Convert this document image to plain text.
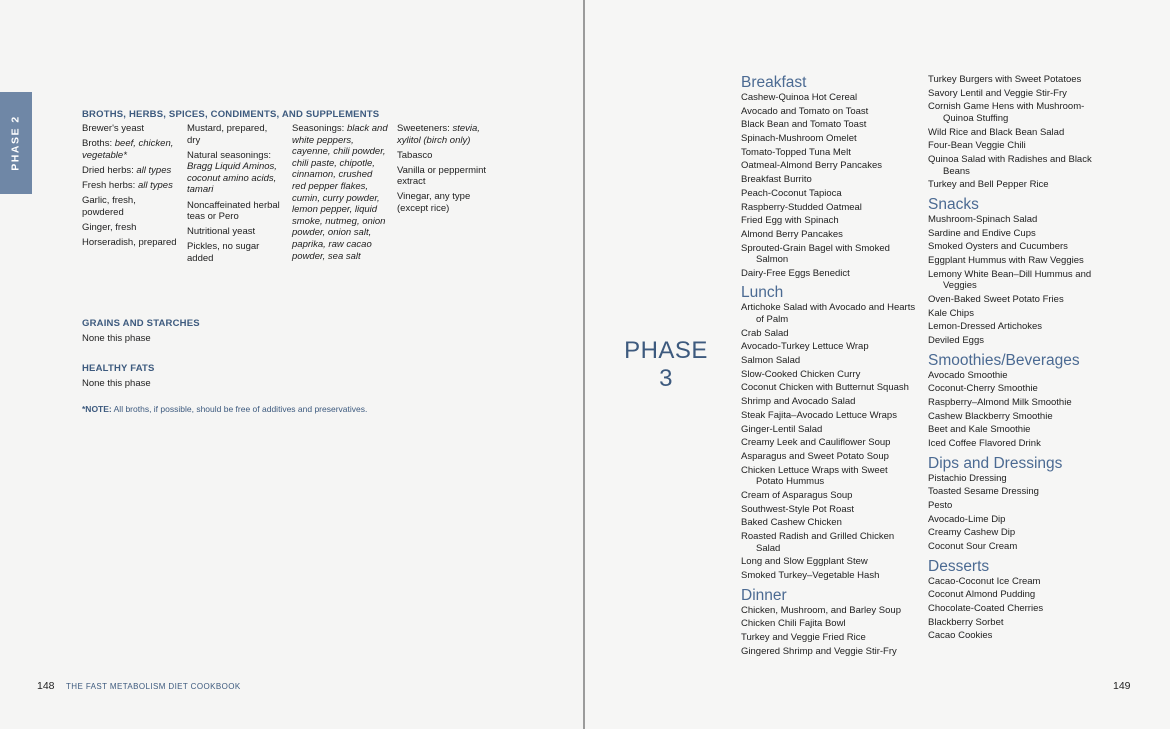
PHASE 2
BROTHS, HERBS, SPICES, CONDIMENTS, AND SUPPLEMENTS
Brewer's yeast
Broths: beef, chicken, vegetable*
Dried herbs: all types
Fresh herbs: all types
Garlic, fresh, powdered
Ginger, fresh
Horseradish, prepared
Mustard, prepared, dry
Natural seasonings: Bragg Liquid Aminos, coconut amino acids, tamari
Noncaffeinated herbal teas or Pero
Nutritional yeast
Pickles, no sugar added
Seasonings: black and white peppers, cayenne, chili powder, chili paste, chipotle, cinnamon, crushed red pepper flakes, cumin, curry powder, lemon pepper, liquid smoke, nutmeg, onion powder, onion salt, paprika, raw cacao powder, sea salt
Sweeteners: stevia, xylitol (birch only)
Tabasco
Vanilla or peppermint extract
Vinegar, any type (except rice)
GRAINS AND STARCHES
None this phase
HEALTHY FATS
None this phase
*NOTE: All broths, if possible, should be free of additives and preservatives.
148 THE FAST METABOLISM DIET COOKBOOK	149
PHASE
3
Breakfast
Cashew-Quinoa Hot Cereal
Avocado and Tomato on Toast
Black Bean and Tomato Toast
Spinach-Mushroom Omelet
Tomato-Topped Tuna Melt
Oatmeal-Almond Berry Pancakes
Breakfast Burrito
Peach-Coconut Tapioca
Raspberry-Studded Oatmeal
Fried Egg with Spinach
Almond Berry Pancakes
Sprouted-Grain Bagel with Smoked Salmon
Dairy-Free Eggs Benedict
Lunch
Artichoke Salad with Avocado and Hearts of Palm
Crab Salad
Avocado-Turkey Lettuce Wrap
Salmon Salad
Slow-Cooked Chicken Curry
Coconut Chicken with Butternut Squash
Shrimp and Avocado Salad
Steak Fajita–Avocado Lettuce Wraps
Ginger-Lentil Salad
Creamy Leek and Cauliflower Soup
Asparagus and Sweet Potato Soup
Chicken Lettuce Wraps with Sweet Potato Hummus
Cream of Asparagus Soup
Southwest-Style Pot Roast
Baked Cashew Chicken
Roasted Radish and Grilled Chicken Salad
Long and Slow Eggplant Stew
Smoked Turkey–Vegetable Hash
Dinner
Chicken, Mushroom, and Barley Soup
Chicken Chili Fajita Bowl
Turkey and Veggie Fried Rice
Gingered Shrimp and Veggie Stir-Fry
Turkey Burgers with Sweet Potatoes
Savory Lentil and Veggie Stir-Fry
Cornish Game Hens with Mushroom-Quinoa Stuffing
Wild Rice and Black Bean Salad
Four-Bean Veggie Chili
Quinoa Salad with Radishes and Black Beans
Turkey and Bell Pepper Rice
Snacks
Mushroom-Spinach Salad
Sardine and Endive Cups
Smoked Oysters and Cucumbers
Eggplant Hummus with Raw Veggies
Lemony White Bean–Dill Hummus and Veggies
Oven-Baked Sweet Potato Fries
Kale Chips
Lemon-Dressed Artichokes
Deviled Eggs
Smoothies/Beverages
Avocado Smoothie
Coconut-Cherry Smoothie
Raspberry–Almond Milk Smoothie
Cashew Blackberry Smoothie
Beet and Kale Smoothie
Iced Coffee Flavored Drink
Dips and Dressings
Pistachio Dressing
Toasted Sesame Dressing
Pesto
Avocado-Lime Dip
Creamy Cashew Dip
Coconut Sour Cream
Desserts
Cacao-Coconut Ice Cream
Coconut Almond Pudding
Chocolate-Coated Cherries
Blackberry Sorbet
Cacao Cookies
